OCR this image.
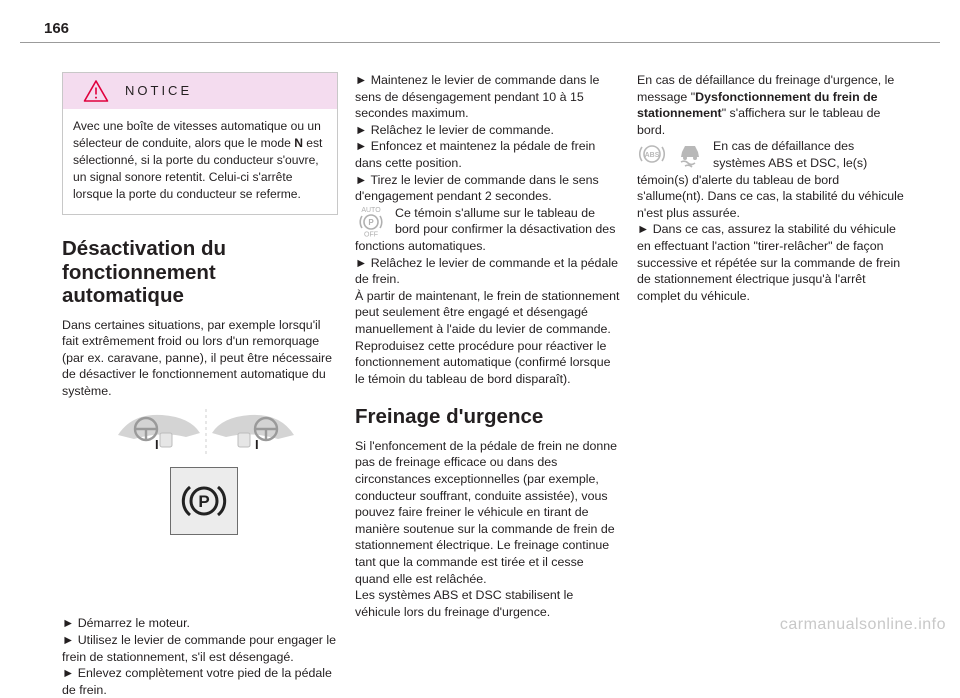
166
NOTICE
Avec une boîte de vitesses automatique ou un sélecteur de conduite, alors que le mode N est sélectionné, si la porte du conducteur s'ouvre, un signal sonore retentit. Celui-ci s'arrête lorsque la porte du conducteur se referme.
Désactivation du fonctionnement automatique

Dans certaines situations, par exemple lorsqu'il fait extrêmement froid ou lors d'un remorquage (par ex. caravane, panne), il peut être nécessaire de désactiver le fonctionnement automatique du système.

I	I
P
► Démarrez le moteur.
► Utilisez le levier de commande pour engager le frein de stationnement, s'il est désengagé.
► Enlevez complètement votre pied de la pédale de frein.
► Maintenez le levier de commande dans le sens de désengagement pendant 10 à 15 secondes maximum.
► Relâchez le levier de commande.
► Enfoncez et maintenez la pédale de frein dans cette position.
► Tirez le levier de commande dans le sens d'engagement pendant 2 secondes.
AUTO
P
OFF
Ce témoin s'allume sur le tableau de bord pour confirmer la désactivation des fonctions automatiques.
► Relâchez le levier de commande et la pédale de frein.

À partir de maintenant, le frein de stationnement peut seulement être engagé et désengagé manuellement à l'aide du levier de commande. Reproduisez cette procédure pour réactiver le fonctionnement automatique (confirmé lorsque le témoin du tableau de bord disparaît).

Freinage d'urgence

Si l'enfoncement de la pédale de frein ne donne pas de freinage efficace ou dans des circonstances exceptionnelles (par exemple, conducteur souffrant, conduite assistée), vous pouvez faire freiner le véhicule en tirant de manière soutenue sur la commande de frein de stationnement électrique. Le freinage continue tant que la commande est tirée et il cesse quand elle est relâchée.

Les systèmes ABS et DSC stabilisent le véhicule lors du freinage d'urgence.

En cas de défaillance du freinage d'urgence, le message "Dysfonctionnement du frein de stationnement" s'affichera sur le tableau de bord.

ABS
En cas de défaillance des systèmes ABS et DSC, le(s) témoin(s) d'alerte du tableau de bord s'allume(nt). Dans ce cas, la stabilité du véhicule n'est plus assurée.
► Dans ce cas, assurez la stabilité du véhicule en effectuant l'action "tirer-relâcher" de façon successive et répétée sur la commande de frein de stationnement électrique jusqu'à l'arrêt complet du véhicule.
carmanualsonline.info
